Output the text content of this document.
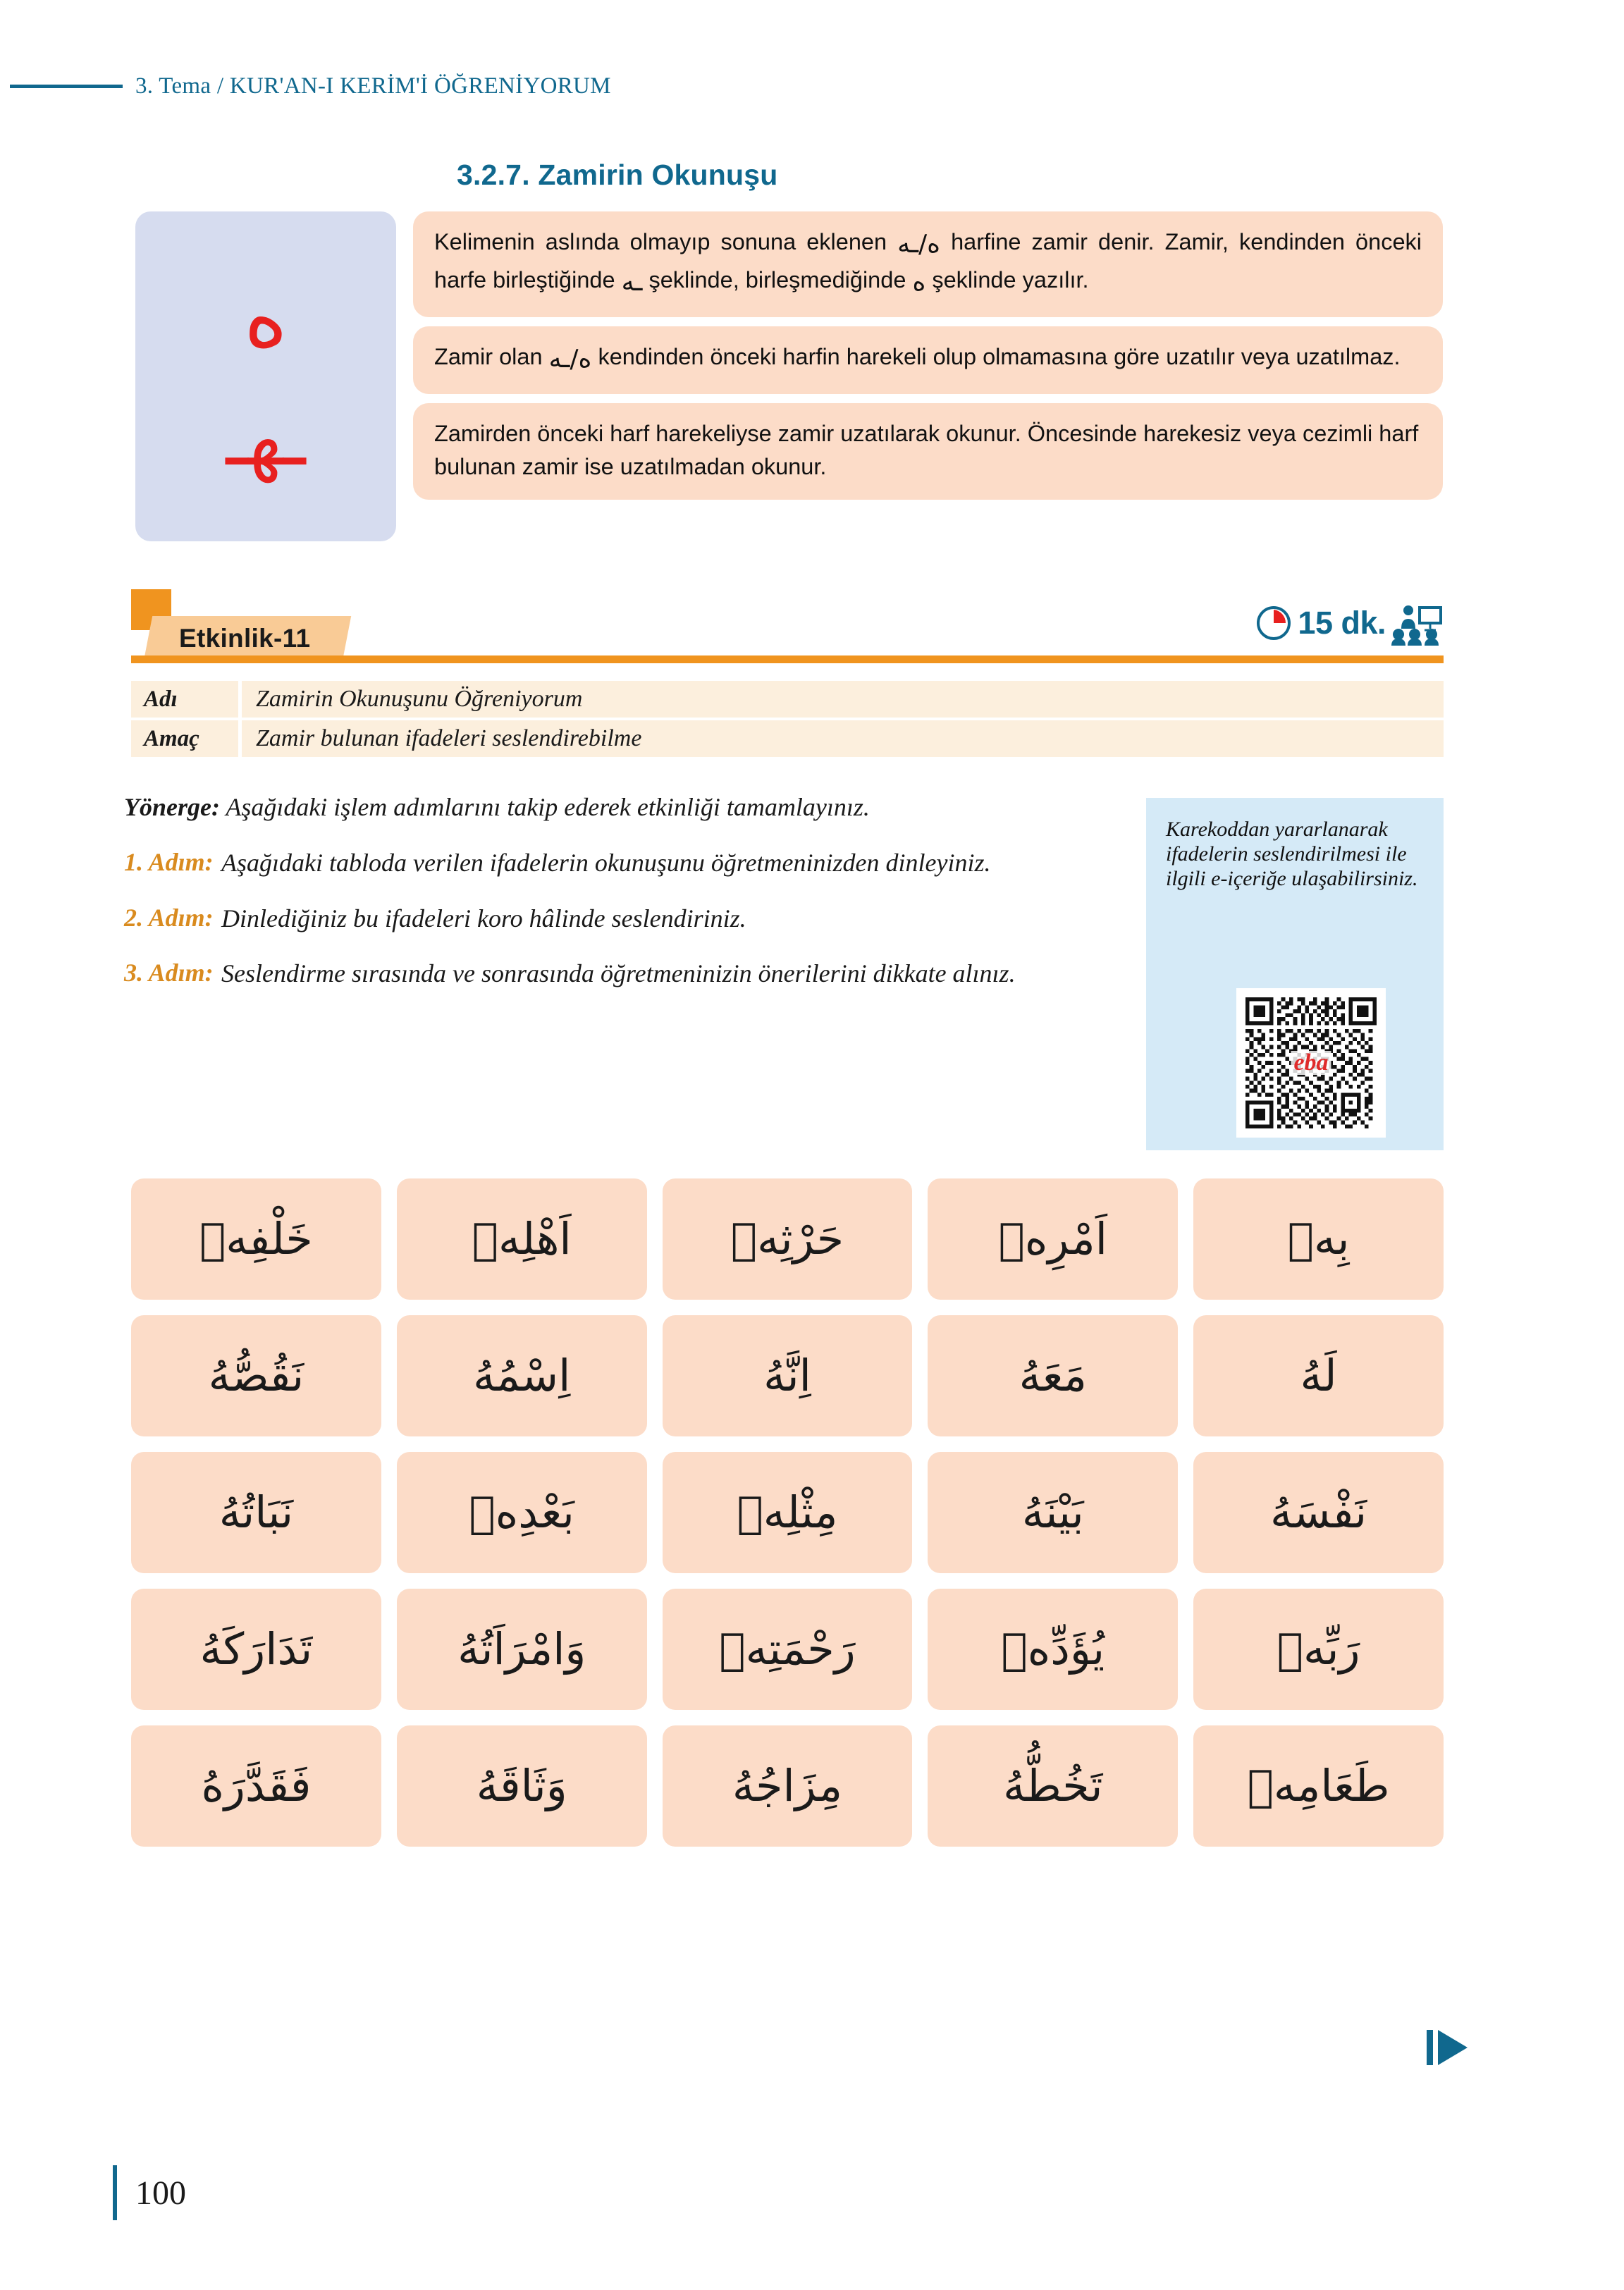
3. Tema / KUR'AN-I KERİM'İ ÖĞRENİYORUM
3.2.7. Zamirin Okunuşu
ه
ـهـ
Kelimenin aslında olmayıp sonuna eklenen ه/ـه harfine zamir denir. Zamir, kendinden önceki harfe birleştiğinde ـه şeklinde, birleşmediğinde ه şeklinde yazılır.
Zamir olan ه/ـه kendinden önceki harfin harekeli olup olmamasına göre uzatılır veya uzatılmaz.
Zamirden önceki harf harekeliyse zamir uzatılarak okunur. Öncesinde harekesiz veya cezimli harf bulunan zamir ise uzatılmadan okunur.
Etkinlik-11	15 dk.
Adı	Zamirin Okunuşunu Öğreniyorum
Amaç	Zamir bulunan ifadeleri seslendirebilme
Yönerge: Aşağıdaki işlem adımlarını takip ederek etkinliği tamamlayınız.
1. Adım: Aşağıdaki tabloda verilen ifadelerin okunuşunu öğretmeninizden dinleyiniz.
2. Adım: Dinlediğiniz bu ifadeleri koro hâlinde seslendiriniz.
3. Adım: Seslendirme sırasında ve sonrasında öğretmeninizin önerilerini dikkate alınız.
Karekoddan yararlanarak ifadelerin seslendirilmesi ile ilgili e-içeriğe ulaşabilirsiniz.
eba
بِهٖ
اَمْرِهٖ
حَرْثِهٖ
اَهْلِهٖ
خَلْفِهٖ
لَهُ
مَعَهُ
اِنَّهُ
اِسْمُهُ
نَقُصُّهُ
نَفْسَهُ
بَيْنَهُ
مِثْلِهٖ
بَعْدِهٖ
نَبَاتُهُ
رَبِّهٖ
يُؤَدِّهٖ
رَحْمَتِهٖ
وَامْرَاَتُهُ
تَدَارَكَهُ
طَعَامِهٖ
تَخُطُّهُ
مِزَاجُهُ
وَثَاقَهُ
فَقَدَّرَهُ
100
